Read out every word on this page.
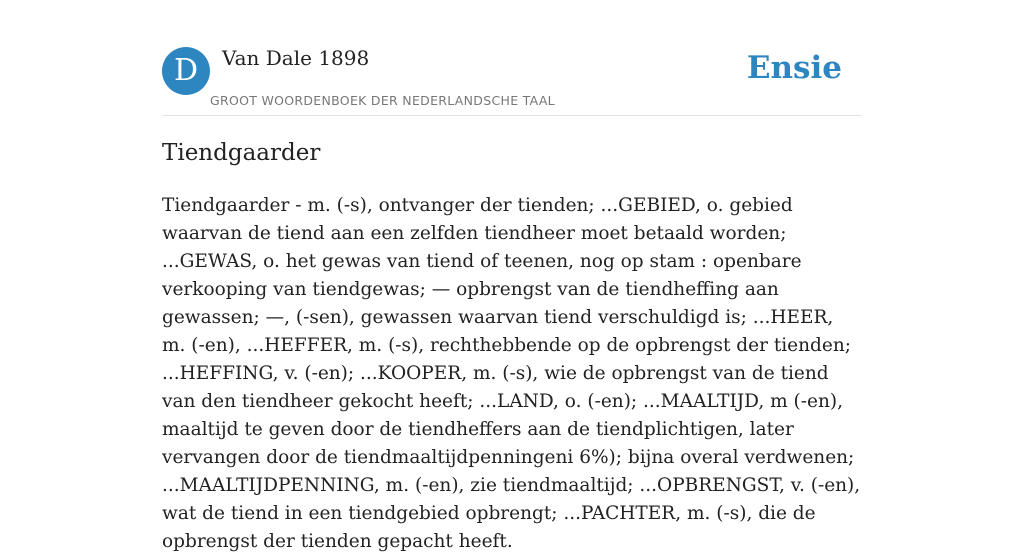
D	Van Dale 1898
GROOT WOORDENBOEK DER NEDERLANDSCHE TAAL
Ensie
Tiendgaarder

Tiendgaarder - m. (-s), ontvanger der tienden; ...GEBIED, o. gebied waarvan de tiend aan een zelfden tiendheer moet betaald worden; ...GEWAS, o. het gewas van tiend of teenen, nog op stam : openbare verkooping van tiendgewas; — opbrengst van de tiendheffing aan gewassen; —, (-sen), gewassen waarvan tiend verschuldigd is; ...HEER, m. (-en), ...HEFFER, m. (-s), rechthebbende op de opbrengst der tienden; ...HEFFING, v. (-en); ...KOOPER, m. (-s), wie de opbrengst van de tiend van den tiendheer gekocht heeft; ...LAND, o. (-en); ...MAALTIJD, m (-en), maaltijd te geven door de tiendheffers aan de tiendplichtigen, later vervangen door de tiendmaaltijdpenningeni 6%); bijna overal verdwenen; ...MAALTIJDPENNING, m. (-en), zie tiendmaaltijd; ...OPBRENGST, v. (-en), wat de tiend in een tiendgebied opbrengt; ...PACHTER, m. (-s), die de opbrengst der tienden gepacht heeft.
